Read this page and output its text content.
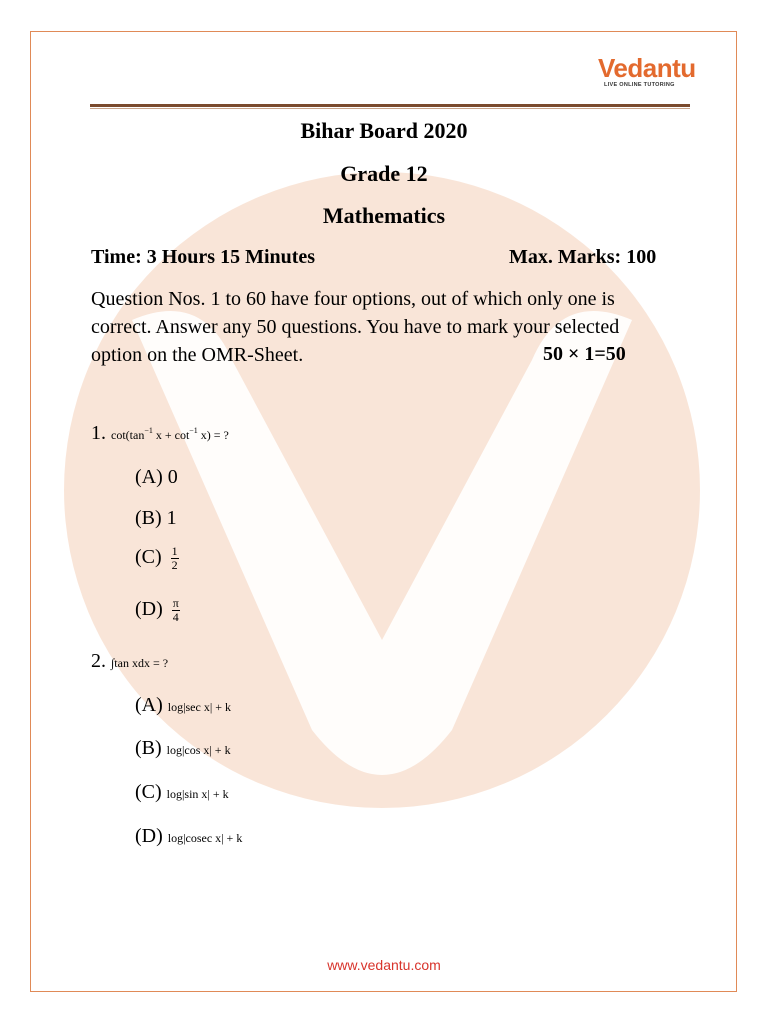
Vedantu
LIVE ONLINE TUTORING
Bihar Board 2020
Grade 12
Mathematics
Time: 3 Hours 15 Minutes	Max. Marks: 100
Question Nos. 1 to 60 have four options, out of which only one is correct. Answer any 50 questions. You have to mark your selected option on the OMR-Sheet.	50 × 1=50
1. $\cot(\tan^{-1}$ $x + \cot^{-1} x$) = ?
(A) 0
(B) 1
$(C) \frac{1}{2}$
$(D) \frac{\pi}{4}$
2. ∫tan xdx = ?
(A) log|sec x| + k
(B) log|cos x| + k
(C) log|sin x| + k
(D) log|cosec x| + k
www.vedantu.com
